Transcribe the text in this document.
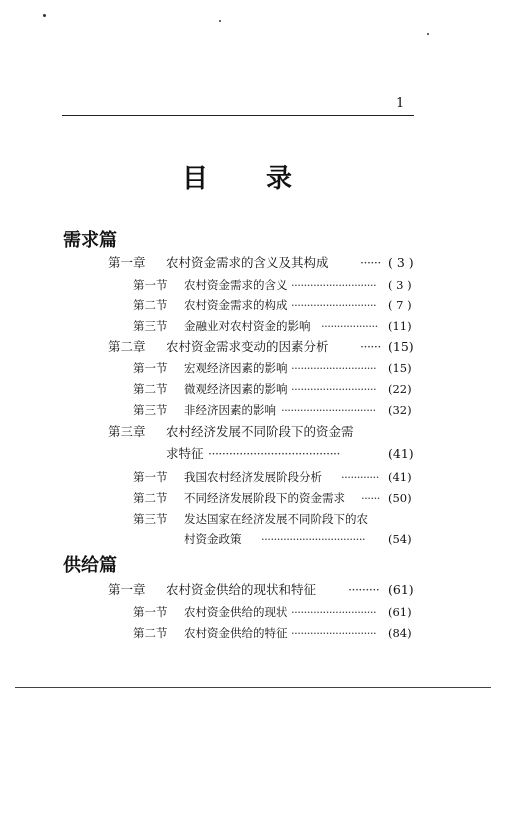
1
目 录
需求篇
第一章 农村资金需求的含义及其构成	······ ( 3 )
第一节 农村资金需求的含义 ···························	( 3 )
第二节 农村资金需求的构成 ···························	( 7 )
第三节 金融业对农村资金的影响 ·················· (11)
第二章 农村资金需求变动的因素分析	······ (15)
第一节 宏观经济因素的影响 ···························	(15)
第二节 微观经济因素的影响 ···························	(22)
第三节 非经济因素的影响 ······························	(32)
第三章 农村经济发展不同阶段下的资金需
求特征 ······································	(41)
第一节 我国农村经济发展阶段分析 ············ (41)
第二节 不同经济发展阶段下的资金需求 ······ (50)
第三节 发达国家在经济发展不同阶段下的农
村资金政策 ·································	(54)
供给篇
第一章 农村资金供给的现状和特征	········· (61)
第一节 农村资金供给的现状 ···························	(61)
第二节 农村资金供给的特征 ···························	(84)
